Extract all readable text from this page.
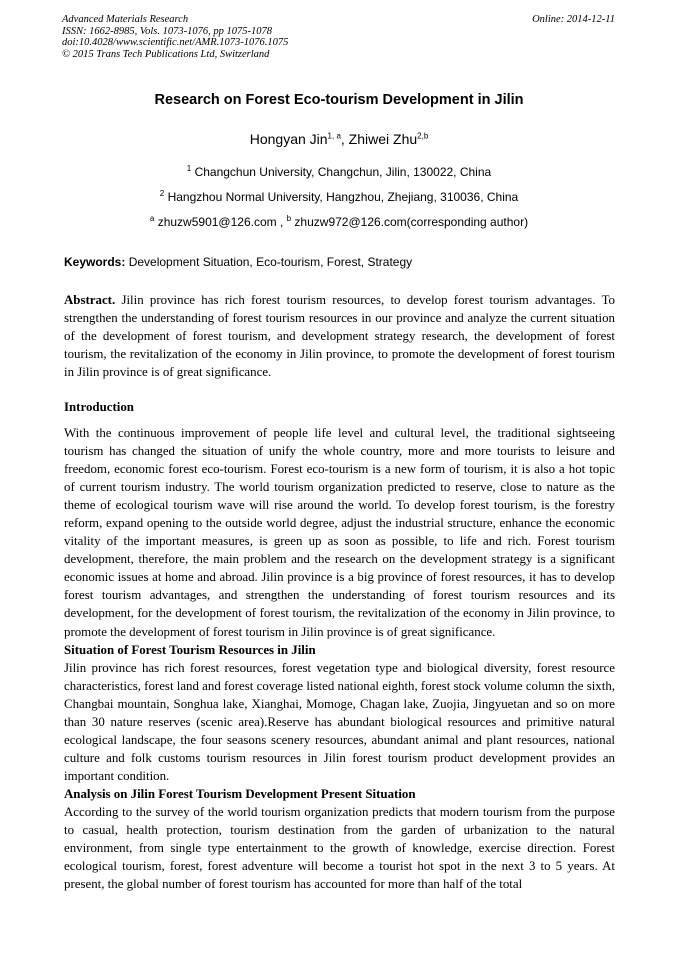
Advanced Materials Research
ISSN: 1662-8985, Vols. 1073-1076, pp 1075-1078
doi:10.4028/www.scientific.net/AMR.1073-1076.1075
© 2015 Trans Tech Publications Ltd, Switzerland
Online: 2014-12-11
Research on Forest Eco-tourism Development in Jilin
Hongyan Jin$^{1, a}$, Zhiwei Zhu$^{2,b}$
$^1$ Changchun University, Changchun, Jilin, 130022, China
$^2$ Hangzhou Normal University, Hangzhou, Zhejiang, 310036, China
$^a$ zhuzw5901@126.com , $^b$ zhuzw972@126.com(corresponding author)
Keywords: Development Situation, Eco-tourism, Forest, Strategy
Abstract. Jilin province has rich forest tourism resources, to develop forest tourism advantages. To strengthen the understanding of forest tourism resources in our province and analyze the current situation of the development of forest tourism, and development strategy research, the development of forest tourism, the revitalization of the economy in Jilin province, to promote the development of forest tourism in Jilin province is of great significance.
Introduction

With the continuous improvement of people life level and cultural level, the traditional sightseeing tourism has changed the situation of unify the whole country, more and more tourists to leisure and freedom, economic forest eco-tourism. Forest eco-tourism is a new form of tourism, it is also a hot topic of current tourism industry. The world tourism organization predicted to reserve, close to nature as the theme of ecological tourism wave will rise around the world. To develop forest tourism, is the forestry reform, expand opening to the outside world degree, adjust the industrial structure, enhance the economic vitality of the important measures, is green up as soon as possible, to life and rich. Forest tourism development, therefore, the main problem and the research on the development strategy is a significant economic issues at home and abroad. Jilin province is a big province of forest resources, it has to develop forest tourism advantages, and strengthen the understanding of forest tourism resources and its development, for the development of forest tourism, the revitalization of the economy in Jilin province, to promote the development of forest tourism in Jilin province is of great significance.

Situation of Forest Tourism Resources in Jilin

Jilin province has rich forest resources, forest vegetation type and biological diversity, forest resource characteristics, forest land and forest coverage listed national eighth, forest stock volume column the sixth, Changbai mountain, Songhua lake, Xianghai, Momoge, Chagan lake, Zuojia, Jingyuetan and so on more than 30 nature reserves (scenic area).Reserve has abundant biological resources and primitive natural ecological landscape, the four seasons scenery resources, abundant animal and plant resources, national culture and folk customs tourism resources in Jilin forest tourism product development provides an important condition.

Analysis on Jilin Forest Tourism Development Present Situation

According to the survey of the world tourism organization predicts that modern tourism from the purpose to casual, health protection, tourism destination from the garden of urbanization to the natural environment, from single type entertainment to the growth of knowledge, exercise direction. Forest ecological tourism, forest, forest adventure will become a tourist hot spot in the next 3 to 5 years. At present, the global number of forest tourism has accounted for more than half of the total
